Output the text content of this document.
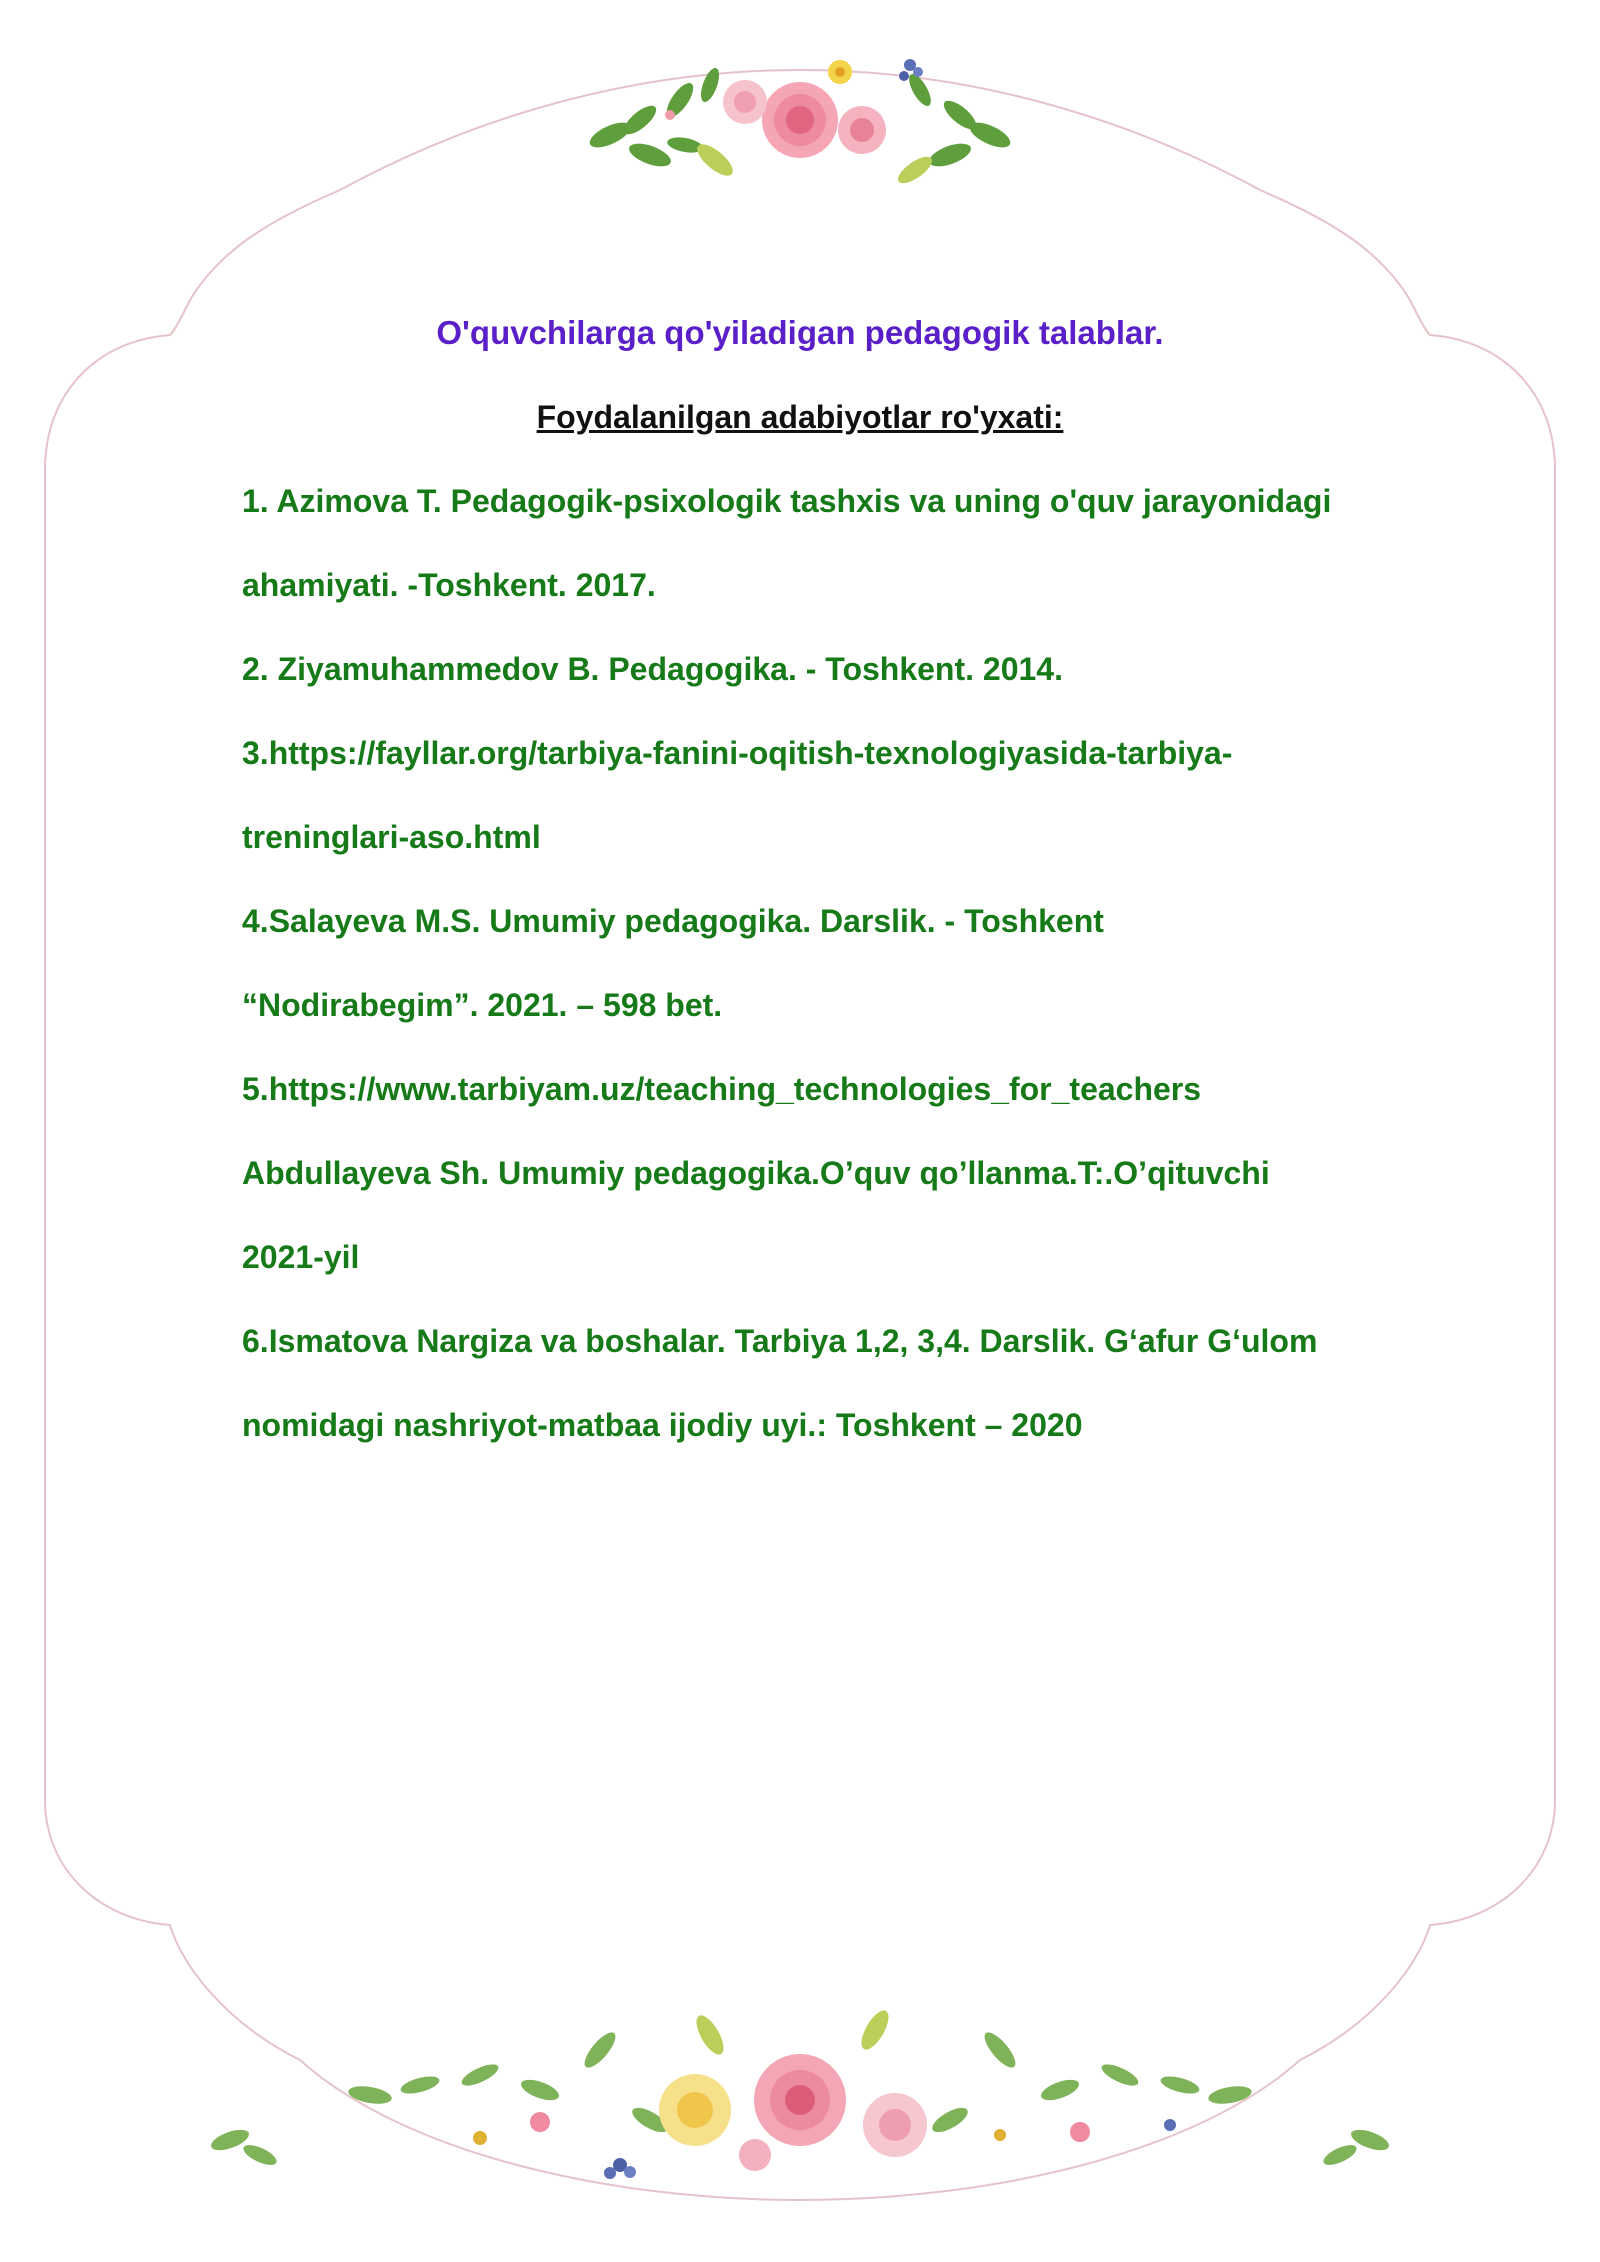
O'quvchilarga qo'yiladigan pedagogik talablar.
Foydalanilgan adabiyotlar ro'yxati:
1. Azimova T. Pedagogik-psixologik tashxis va uning o'quv jarayonidagi
ahamiyati. -Toshkent. 2017.
2. Ziyamuhammedov B. Pedagogika. - Toshkent. 2014.
3.https://fayllar.org/tarbiya-fanini-oqitish-texnologiyasida-tarbiya-
treninglari-aso.html
4.Salayeva M.S. Umumiy pedagogika. Darslik. - Toshkent
“Nodirabegim”. 2021. – 598 bet.
5.https://www.tarbiyam.uz/teaching_technologies_for_teachers
Abdullayeva Sh. Umumiy pedagogika.O’quv qo’llanma.T:.O’qituvchi
2021-yil
6.Ismatova Nargiza va boshalar. Tarbiya 1,2, 3,4. Darslik. G‘afur G‘ulom
nomidagi nashriyot-matbaa ijodiy uyi.: Toshkent – 2020
